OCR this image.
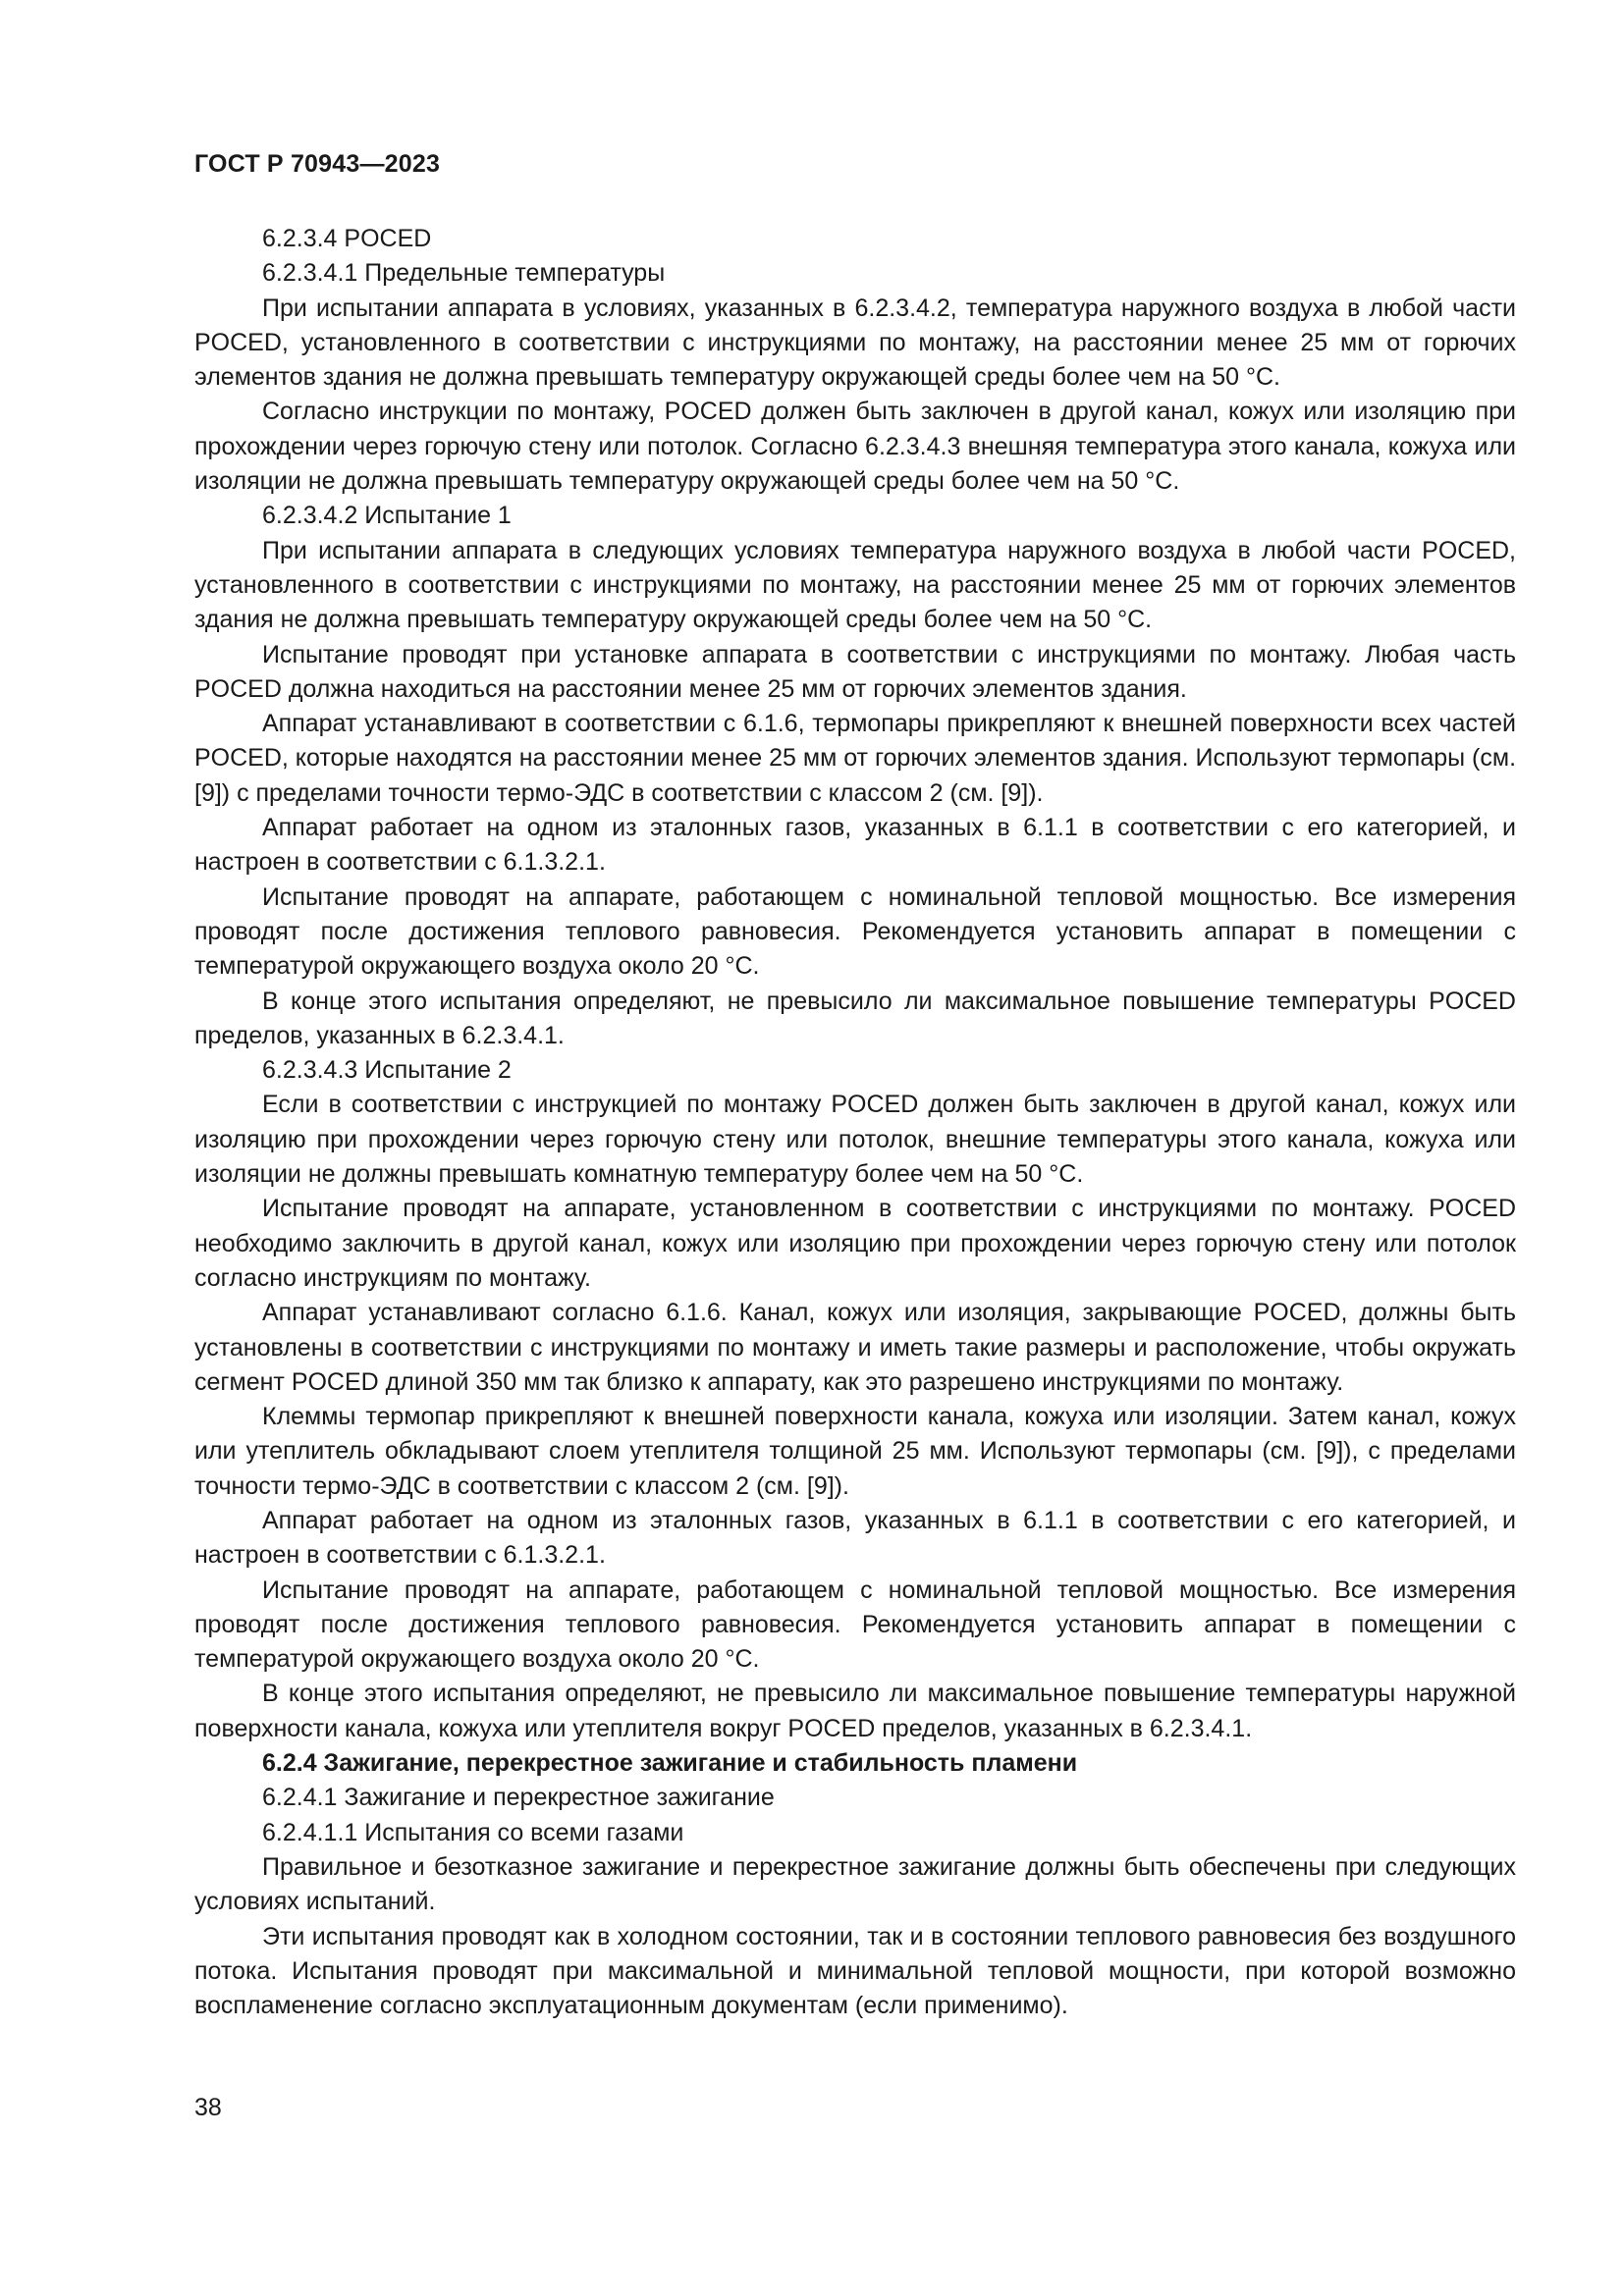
ГОСТ Р 70943—2023

6.2.3.4 POCED

6.2.3.4.1 Предельные температуры

При испытании аппарата в условиях, указанных в 6.2.3.4.2, температура наружного воздуха в любой части POCED, установленного в соответствии с инструкциями по монтажу, на расстоянии менее 25 мм от горючих элементов здания не должна превышать температуру окружающей среды более чем на 50 °C.

Согласно инструкции по монтажу, POCED должен быть заключен в другой канал, кожух или изоляцию при прохождении через горючую стену или потолок. Согласно 6.2.3.4.3 внешняя температура этого канала, кожуха или изоляции не должна превышать температуру окружающей среды более чем на 50 °C.

6.2.3.4.2 Испытание 1

При испытании аппарата в следующих условиях температура наружного воздуха в любой части POCED, установленного в соответствии с инструкциями по монтажу, на расстоянии менее 25 мм от горючих элементов здания не должна превышать температуру окружающей среды более чем на 50 °C.

Испытание проводят при установке аппарата в соответствии с инструкциями по монтажу. Любая часть POCED должна находиться на расстоянии менее 25 мм от горючих элементов здания.

Аппарат устанавливают в соответствии с 6.1.6, термопары прикрепляют к внешней поверхности всех частей POCED, которые находятся на расстоянии менее 25 мм от горючих элементов здания. Используют термопары (см. [9]) с пределами точности термо-ЭДС в соответствии с классом 2 (см. [9]).

Аппарат работает на одном из эталонных газов, указанных в 6.1.1 в соответствии с его категорией, и настроен в соответствии с 6.1.3.2.1.

Испытание проводят на аппарате, работающем с номинальной тепловой мощностью. Все измерения проводят после достижения теплового равновесия. Рекомендуется установить аппарат в помещении с температурой окружающего воздуха около 20 °C.

В конце этого испытания определяют, не превысило ли максимальное повышение температуры POCED пределов, указанных в 6.2.3.4.1.

6.2.3.4.3 Испытание 2

Если в соответствии с инструкцией по монтажу POCED должен быть заключен в другой канал, кожух или изоляцию при прохождении через горючую стену или потолок, внешние температуры этого канала, кожуха или изоляции не должны превышать комнатную температуру более чем на 50 °C.

Испытание проводят на аппарате, установленном в соответствии с инструкциями по монтажу. POCED необходимо заключить в другой канал, кожух или изоляцию при прохождении через горючую стену или потолок согласно инструкциям по монтажу.

Аппарат устанавливают согласно 6.1.6. Канал, кожух или изоляция, закрывающие POCED, должны быть установлены в соответствии с инструкциями по монтажу и иметь такие размеры и расположение, чтобы окружать сегмент POCED длиной 350 мм так близко к аппарату, как это разрешено инструкциями по монтажу.

Клеммы термопар прикрепляют к внешней поверхности канала, кожуха или изоляции. Затем канал, кожух или утеплитель обкладывают слоем утеплителя толщиной 25 мм. Используют термопары (см. [9]), с пределами точности термо-ЭДС в соответствии с классом 2 (см. [9]).

Аппарат работает на одном из эталонных газов, указанных в 6.1.1 в соответствии с его категорией, и настроен в соответствии с 6.1.3.2.1.

Испытание проводят на аппарате, работающем с номинальной тепловой мощностью. Все измерения проводят после достижения теплового равновесия. Рекомендуется установить аппарат в помещении с температурой окружающего воздуха около 20 °C.

В конце этого испытания определяют, не превысило ли максимальное повышение температуры наружной поверхности канала, кожуха или утеплителя вокруг POCED пределов, указанных в 6.2.3.4.1.

6.2.4 Зажигание, перекрестное зажигание и стабильность пламени

6.2.4.1 Зажигание и перекрестное зажигание

6.2.4.1.1 Испытания со всеми газами

Правильное и безотказное зажигание и перекрестное зажигание должны быть обеспечены при следующих условиях испытаний.

Эти испытания проводят как в холодном состоянии, так и в состоянии теплового равновесия без воздушного потока. Испытания проводят при максимальной и минимальной тепловой мощности, при которой возможно воспламенение согласно эксплуатационным документам (если применимо).

38
